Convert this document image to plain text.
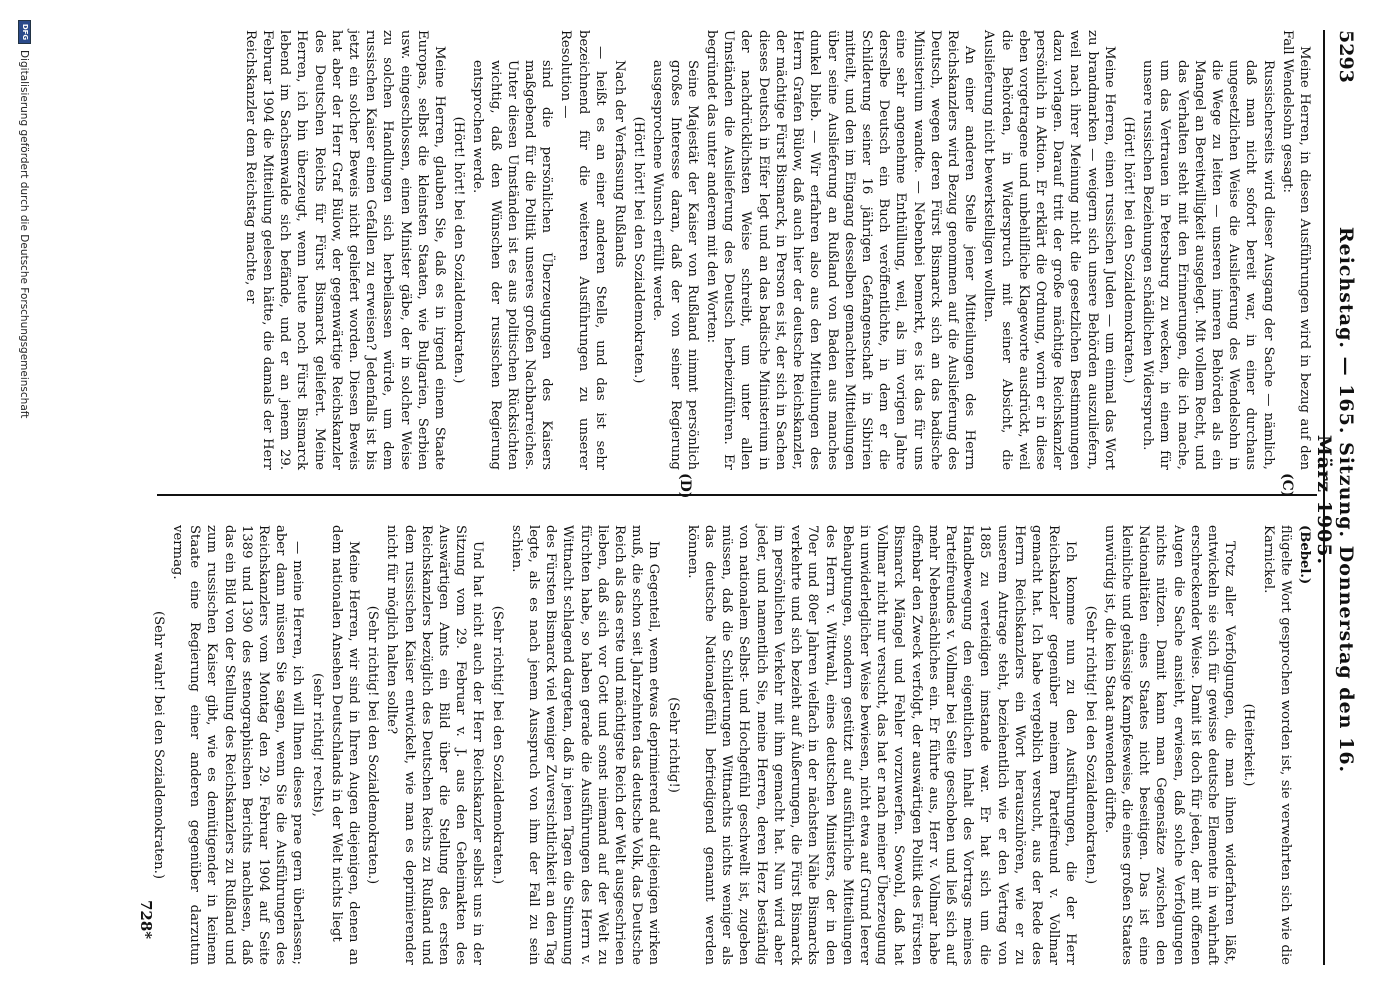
5293
Reichstag. — 165. Sitzung. Donnerstag den 16. März 1905.

Meine Herren, in diesen Ausführungen wird in bezug auf den Fall Wendelsohn gesagt:

Russischerseits wird dieser Ausgang der Sache — nämlich, daß man nicht sofort bereit war, in einer durchaus ungesetzlichen Weise die Auslieferung des Wendelsohn in die Wege zu leiten — unseren inneren Behörden als ein Mangel an Bereitwilligkeit ausgelegt. Mit vollem Recht, und das Verhalten steht mit den Erinnerungen, die ich mache, um das Vertrauen in Petersburg zu wecken, in einem für unsere russischen Beziehungen schädlichen Widerspruch.

(Hört! hört! bei den Sozialdemokraten.)

Meine Herren, einen russischen Juden — um einmal das Wort zu brandmarken — weigern sich unsere Behörden auszuliefern, weil nach ihrer Meinung nicht die gesetzlichen Bestimmungen dazu vorlagen. Darauf tritt der große mächtige Reichskanzler persönlich in Aktion. Er erklärt die Ordnung, worin er in diese eben vorgetragene und unbehilfliche Klageworte ausdrückt, weil die Behörden, in Widerspruch mit seiner Absicht, die Auslieferung nicht bewerkstelligen wollten.

An einer anderen Stelle jener Mitteilungen des Herrn Reichskanzlers wird Bezug genommen auf die Auslieferung des Deutsch, wegen deren Fürst Bismarck sich an das badische Ministerium wandte. — Nebenbei bemerkt, es ist das für uns eine sehr angenehme Enthüllung, weil, als im vorigen Jahre derselbe Deutsch ein Buch veröffentlichte, in dem er die Schilderung seiner 16 jährigen Gefangenschaft in Sibirien mitteilt, und den im Eingang desselben gemachten Mitteilungen über seine Auslieferung an Rußland von Baden aus manches dunkel blieb. — Wir erfahren also aus den Mitteilungen des Herrn Grafen Bülow, daß auch hier der deutsche Reichskanzler, der mächtige Fürst Bismarck, in Person es ist, der sich in Sachen dieses Deutsch in Eifer legt und an das badische Ministerium in der nachdrücklichsten Weise schreibt, um unter allen Umständen die Auslieferung des Deutsch herbeizuführen. Er begründet das unter anderem mit den Worten:

Seine Majestät der Kaiser von Rußland nimmt persönlich großes Interesse daran, daß der von seiner Regierung ausgesprochene Wunsch erfüllt werde.

(Hört! hört! bei den Sozialdemokraten.)

Nach der Verfassung Rußlands

— heißt es an einer anderen Stelle, und das ist sehr bezeichnend für die weiteren Ausführungen zu unserer Resolution —

sind die persönlichen Überzeugungen des Kaisers maßgebend für die Politik unseres großen Nachbarreiches. Unter diesen Umständen ist es aus politischen Rücksichten wichtig, daß den Wünschen der russischen Regierung entsprochen werde.

(Hört! hört! bei den Sozialdemokraten.)

Meine Herren, glauben Sie, daß es in irgend einem Staate Europas, selbst die kleinsten Staaten, wie Bulgarien, Serbien usw. eingeschlossen, einen Minister gäbe, der in solcher Weise zu solchen Handlungen sich herbeilassen würde, um dem russischen Kaiser einen Gefallen zu erweisen? Jedenfalls ist bis jetzt ein solcher Beweis nicht geliefert worden. Diesen Beweis hat aber der Herr Graf Bülow, der gegenwärtige Reichskanzler des Deutschen Reichs für Fürst Bismarck geliefert. Meine Herren, ich bin überzeugt, wenn heute noch Fürst Bismarck lebend im Sachsenwalde sich befände, und er an jenem 29. Februar 1904 die Mitteilung gelesen hätte, die damals der Herr Reichskanzler dem Reichstag machte, er

(Bebel.)

flügelte Wort gesprochen worden ist, sie verwehrten sich wie die Karnickel.

(Heiterkeit.)

Trotz aller Verfolgungen, die man ihnen widerfahren läßt, entwickeln sie sich für gewisse deutsche Elemente in wahrhaft erschreckender Weise. Damit ist doch für jeden, der mit offenen Augen die Sache ansieht, erwiesen, daß solche Verfolgungen nichts nützen. Damit kann man Gegensätze zwischen den Nationalitäten eines Staates nicht beseitigen. Das ist eine kleinliche und gehässige Kampfesweise, die eines großen Staates unwürdig ist, die kein Staat anwenden dürfte.

(Sehr richtig! bei den Sozialdemokraten.)

Ich komme nun zu den Ausführungen, die der Herr Reichskanzler gegenüber meinem Parteifreund v. Vollmar gemacht hat. Ich habe vergeblich versucht, aus der Rede des Herrn Reichskanzlers ein Wort herauszuhören, wie er zu unserem Antrage steht, beziehentlich wie er den Vertrag von 1885 zu verteidigen imstande war. Er hat sich um die Handbewegung den eigentlichen Inhalt des Vortrags meines Parteifreundes v. Vollmar bei Seite geschoben und ließ sich auf mehr Nebensächliches ein. Er führte aus, Herr v. Vollmar habe offenbar den Zweck verfolgt, der auswärtigen Politik des Fürsten Bismarck Mängel und Fehler vorzuwerfen. Sowohl, daß hat Vollmar nicht nur versucht, das hat er nach meiner Überzeugung in unwiderleglicher Weise bewiesen, nicht etwa auf Grund leerer Behauptungen, sondern gestützt auf ausführliche Mitteilungen des Herrn v. Wittwahl, eines deutschen Ministers, der in den 70er und 80er Jahren vielfach in der nächsten Nähe Bismarcks verkehrte und sich bezieht auf Äußerungen, die Fürst Bismarck im persönlichen Verkehr mit ihm gemacht hat. Nun wird aber jeder, und namentlich Sie, meine Herren, deren Herz beständig von nationalem Selbst- und Hochgefühl geschwellt ist, zugeben müssen, daß die Schilderungen Wittnachts nichts weniger als das deutsche Nationalgefühl befriedigend genannt werden können.

(Sehr richtig!)

Im Gegenteil, wenn etwas deprimierend auf diejenigen wirken muß, die schon seit Jahrzehnten das deutsche Volk, das Deutsche Reich als das erste und mächtigste Reich der Welt ausgeschrieen lieben, daß sich vor Gott und sonst niemand auf der Welt zu fürchten habe, so haben gerade die Ausführungen des Herrn v. Wittnacht schlagend dargetan, daß in jenen Tagen die Stimmung des Fürsten Bismarck viel weniger Zuversichtlichkeit an den Tag legte, als es nach jenem Ausspruch von ihm der Fall zu sein schien.

(Sehr richtig! bei den Sozialdemokraten.)

Und hat nicht auch der Herr Reichskanzler selbst uns in der Sitzung vom 29. Februar v. J. aus den Geheimakten des Auswärtigen Amts ein Bild über die Stellung des ersten Reichskanzlers bezüglich des Deutschen Reichs zu Rußland und dem russischen Kaiser entwickelt, wie man es deprimierender nicht für möglich halten sollte?

(Sehr richtig! bei den Sozialdemokraten.)

Meine Herren, wir sind in Ihren Augen diejenigen, denen an dem nationalen Ansehen Deutschlands in der Welt nichts liegt

(sehr richtig! rechts),

— meine Herren, ich will Ihnen dieses prae gern überlassen; aber dann müssen Sie sagen, wenn Sie die Ausführungen des Reichskanzlers vom Montag den 29. Februar 1904 auf Seite 1389 und 1390 des stenographischen Berichts nachlesen, daß das ein Bild von der Stellung des Reichskanzlers zu Rußland und zum russischen Kaiser gibt, wie es demütigender in keinem Staate eine Regierung einer anderen gegenüber darzutun vermag.

(Sehr wahr! bei den Sozialdemokraten.)

(C)
(D)
728*
DFG
Digitalisierung gefördert durch die Deutsche Forschungsgemeinschaft
